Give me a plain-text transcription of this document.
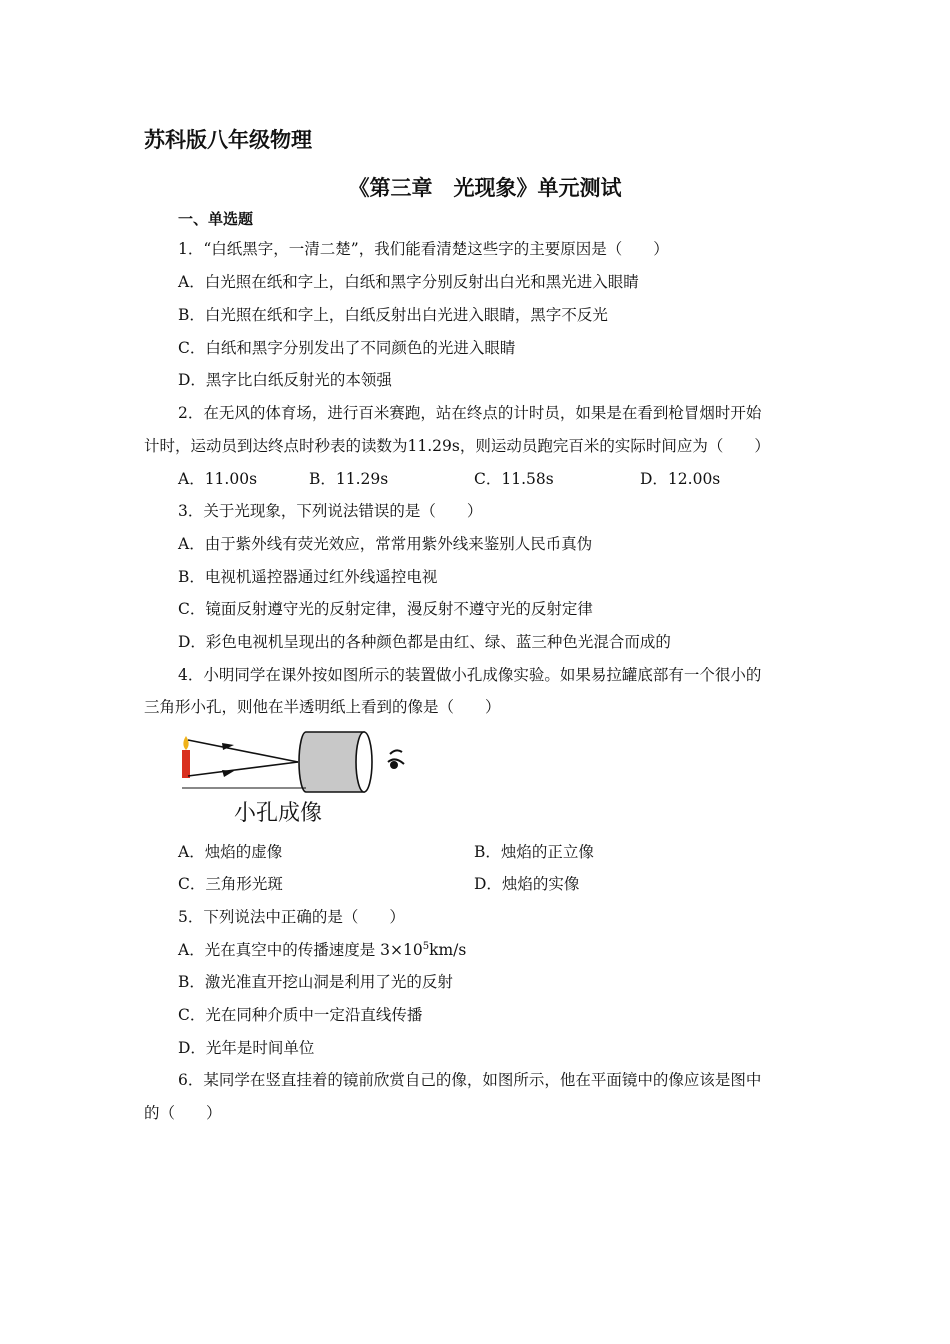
苏科版八年级物理
《第三章　光现象》单元测试
一、单选题
1．“白纸黑字，一清二楚”，我们能看清楚这些字的主要原因是（　　）
A．白光照在纸和字上，白纸和黑字分别反射出白光和黑光进入眼睛
B．白光照在纸和字上，白纸反射出白光进入眼睛，黑字不反光
C．白纸和黑字分别发出了不同颜色的光进入眼睛
D．黑字比白纸反射光的本领强
2．在无风的体育场，进行百米赛跑，站在终点的计时员，如果是在看到枪冒烟时开始
计时，运动员到达终点时秒表的读数为11.29s，则运动员跑完百米的实际时间应为（　　）
A．11.00s	B．11.29s	C．11.58s	D．12.00s
3．关于光现象，下列说法错误的是（　　）
A．由于紫外线有荧光效应，常常用紫外线来鉴别人民币真伪
B．电视机遥控器通过红外线遥控电视
C．镜面反射遵守光的反射定律，漫反射不遵守光的反射定律
D．彩色电视机呈现出的各种颜色都是由红、绿、蓝三种色光混合而成的
4．小明同学在课外按如图所示的装置做小孔成像实验。如果易拉罐底部有一个很小的
三角形小孔，则他在半透明纸上看到的像是（　　）
小孔成像
A．烛焰的虚像	B．烛焰的正立像
C．三角形光斑	D．烛焰的实像
5．下列说法中正确的是（　　）
A．光在真空中的传播速度是 $3\times 10^5km/s$
B．激光准直开挖山洞是利用了光的反射
C．光在同种介质中一定沿直线传播
D．光年是时间单位
6．某同学在竖直挂着的镜前欣赏自己的像，如图所示，他在平面镜中的像应该是图中
的（　　）
